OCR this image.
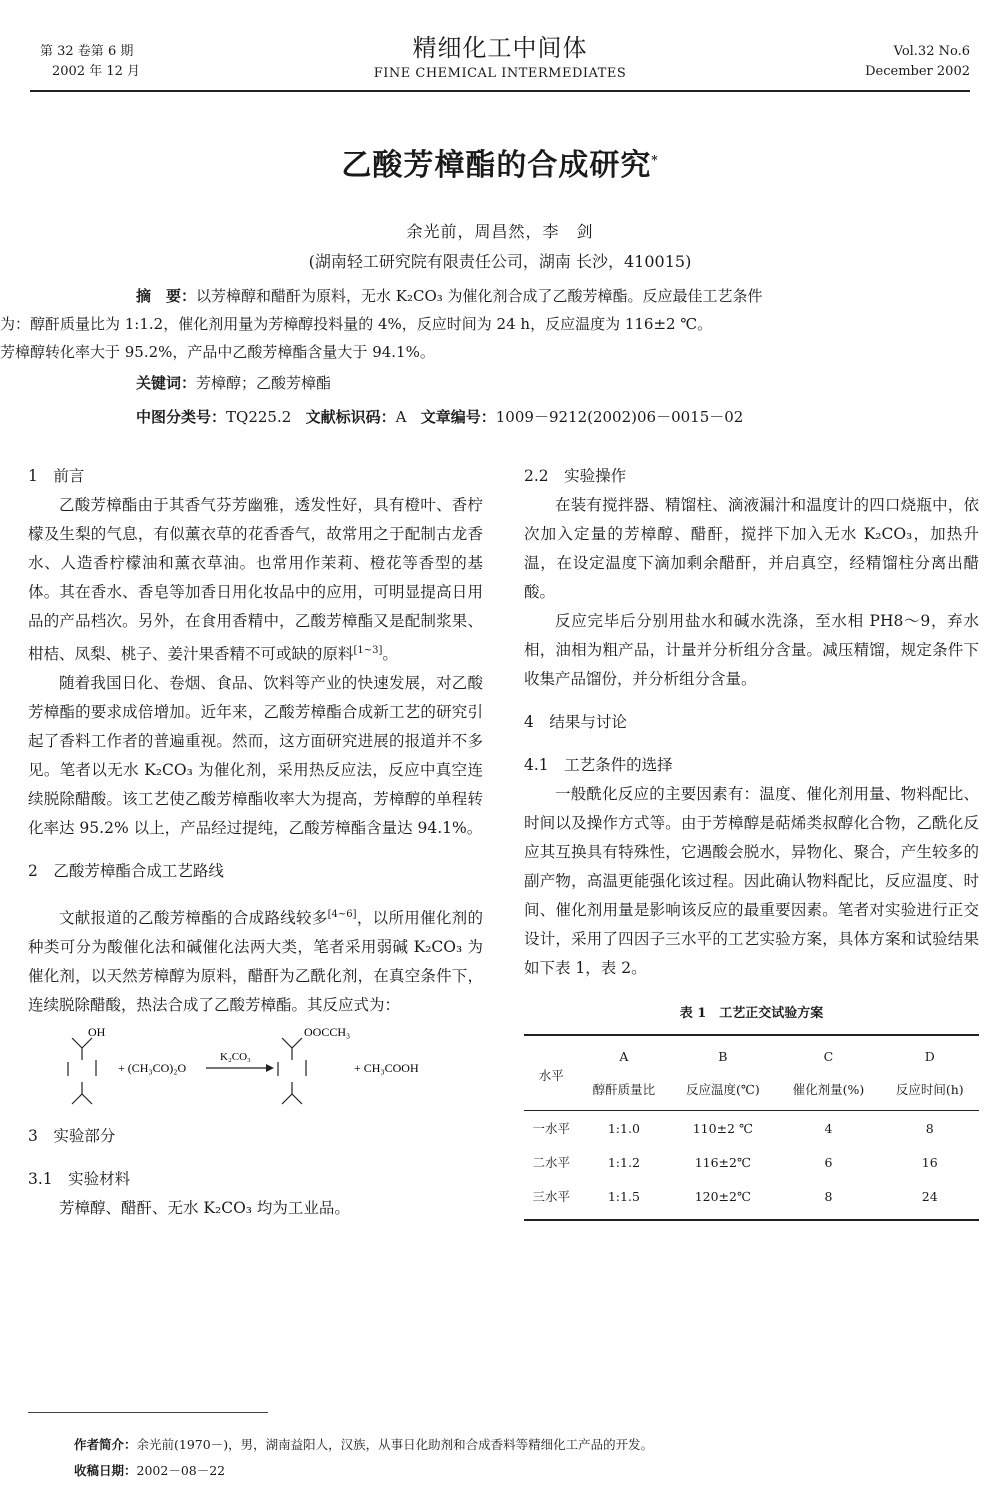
第 32 卷第 6 期
2002 年 12 月
精细化工中间体
FINE CHEMICAL INTERMEDIATES
Vol.32 No.6
December 2002
乙酸芳樟酯的合成研究*
余光前，周昌然，李　剑
(湖南轻工研究院有限责任公司，湖南 长沙，410015)
摘　要：以芳樟醇和醋酐为原料，无水 K₂CO₃ 为催化剂合成了乙酸芳樟酯。反应最佳工艺条件
为：醇酐质量比为 1:1.2，催化剂用量为芳樟醇投料量的 4%，反应时间为 24 h，反应温度为 116±2 ℃。
芳樟醇转化率大于 95.2%，产品中乙酸芳樟酯含量大于 94.1%。
关键词：芳樟醇；乙酸芳樟酯
中图分类号：TQ225.2 文献标识码：A 文章编号：1009－9212(2002)06－0015－02
1　前言

乙酸芳樟酯由于其香气芬芳幽雅，透发性好，具有橙叶、香柠檬及生梨的气息，有似薰衣草的花香香气，故常用之于配制古龙香水、人造香柠檬油和薰衣草油。也常用作茉莉、橙花等香型的基体。其在香水、香皂等加香日用化妆品中的应用，可明显提高日用品的产品档次。另外，在食用香精中，乙酸芳樟酯又是配制浆果、柑桔、凤梨、桃子、姜汁果香精不可或缺的原料[1~3]。

随着我国日化、卷烟、食品、饮料等产业的快速发展，对乙酸芳樟酯的要求成倍增加。近年来，乙酸芳樟酯合成新工艺的研究引起了香料工作者的普遍重视。然而，这方面研究进展的报道并不多见。笔者以无水 K₂CO₃ 为催化剂，采用热反应法，反应中真空连续脱除醋酸。该工艺使乙酸芳樟酯收率大为提高，芳樟醇的单程转化率达 95.2% 以上，产品经过提纯，乙酸芳樟酯含量达 94.1%。

2　乙酸芳樟酯合成工艺路线

文献报道的乙酸芳樟酯的合成路线较多[4~6]，以所用催化剂的种类可分为酸催化法和碱催化法两大类，笔者采用弱碱 K₂CO₃ 为催化剂，以天然芳樟醇为原料，醋酐为乙酰化剂，在真空条件下，连续脱除醋酸，热法合成了乙酸芳樟酯。其反应式为：

OH
+ (CH₃CO)₂O
K₂CO₃
OOCCH₃
+ CH₃COOH
3　实验部分
3.1　实验材料

芳樟醇、醋酐、无水 K₂CO₃ 均为工业品。

2.2　实验操作

在装有搅拌器、精馏柱、滴液漏汁和温度计的四口烧瓶中，依次加入定量的芳樟醇、醋酐，搅拌下加入无水 K₂CO₃，加热升温，在设定温度下滴加剩余醋酐，并启真空，经精馏柱分离出醋酸。

反应完毕后分别用盐水和碱水洗涤，至水相 PH8～9，弃水相，油相为粗产品，计量并分析组分含量。减压精馏，规定条件下收集产品馏份，并分析组分含量。

4　结果与讨论
4.1　工艺条件的选择

一般酰化反应的主要因素有：温度、催化剂用量、物料配比、时间以及操作方式等。由于芳樟醇是萜烯类叔醇化合物，乙酰化反应其互换具有特殊性，它遇酸会脱水，异物化、聚合，产生较多的副产物，高温更能强化该过程。因此确认物料配比，反应温度、时间、催化剂用量是影响该反应的最重要因素。笔者对实验进行正交设计，采用了四因子三水平的工艺实验方案，具体方案和试验结果如下表 1，表 2。

表 1　工艺正交试验方案
水平	A	B	C	D
	醇酐质量比	反应温度(℃)	催化剂量(%)	反应时间(h)
一水平	1:1.0	110±2 ℃	4	8
二水平	1:1.2	116±2℃	6	16
三水平	1:1.5	120±2℃	8	24
作者简介：余光前(1970－)，男，湖南益阳人，汉族，从事日化助剂和合成香料等精细化工产品的开发。
收稿日期：2002－08－22
